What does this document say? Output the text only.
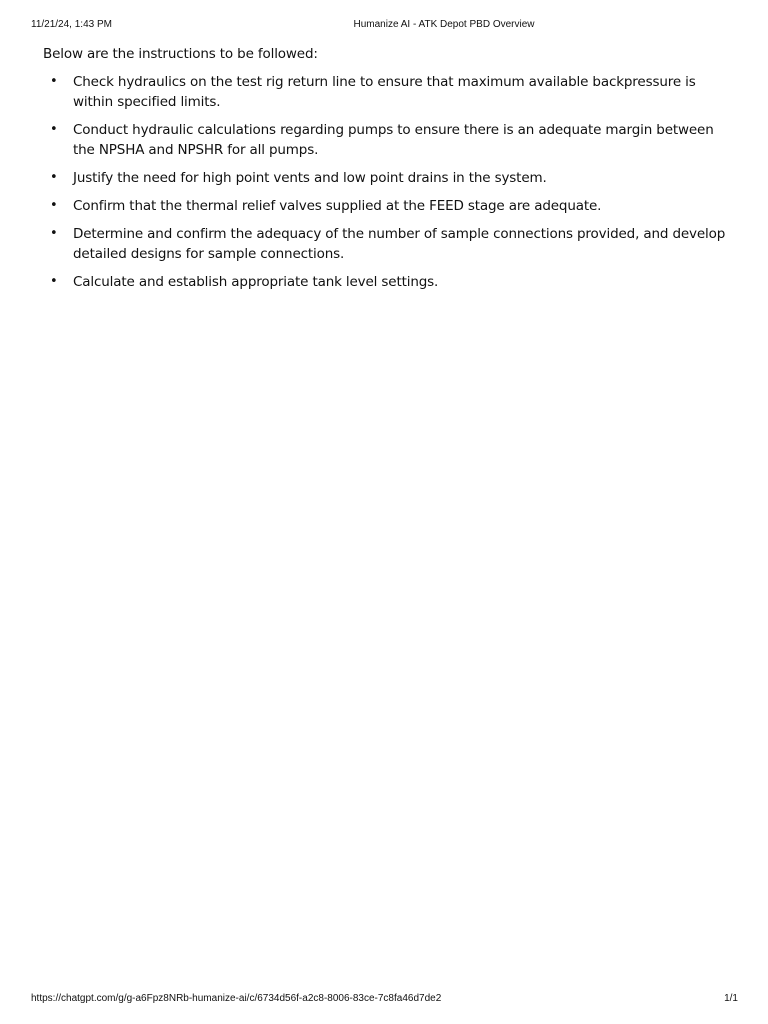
11/21/24, 1:43 PM	Humanize AI - ATK Depot PBD Overview

Below are the instructions to be followed:

• Check hydraulics on the test rig return line to ensure that maximum available backpressure is within specified limits.
• Conduct hydraulic calculations regarding pumps to ensure there is an adequate margin between the NPSHA and NPSHR for all pumps.
• Justify the need for high point vents and low point drains in the system.
• Confirm that the thermal relief valves supplied at the FEED stage are adequate.
• Determine and confirm the adequacy of the number of sample connections provided, and develop detailed designs for sample connections.
• Calculate and establish appropriate tank level settings.
https://chatgpt.com/g/g-a6Fpz8NRb-humanize-ai/c/6734d56f-a2c8-8006-83ce-7c8fa46d7de2	1/1
